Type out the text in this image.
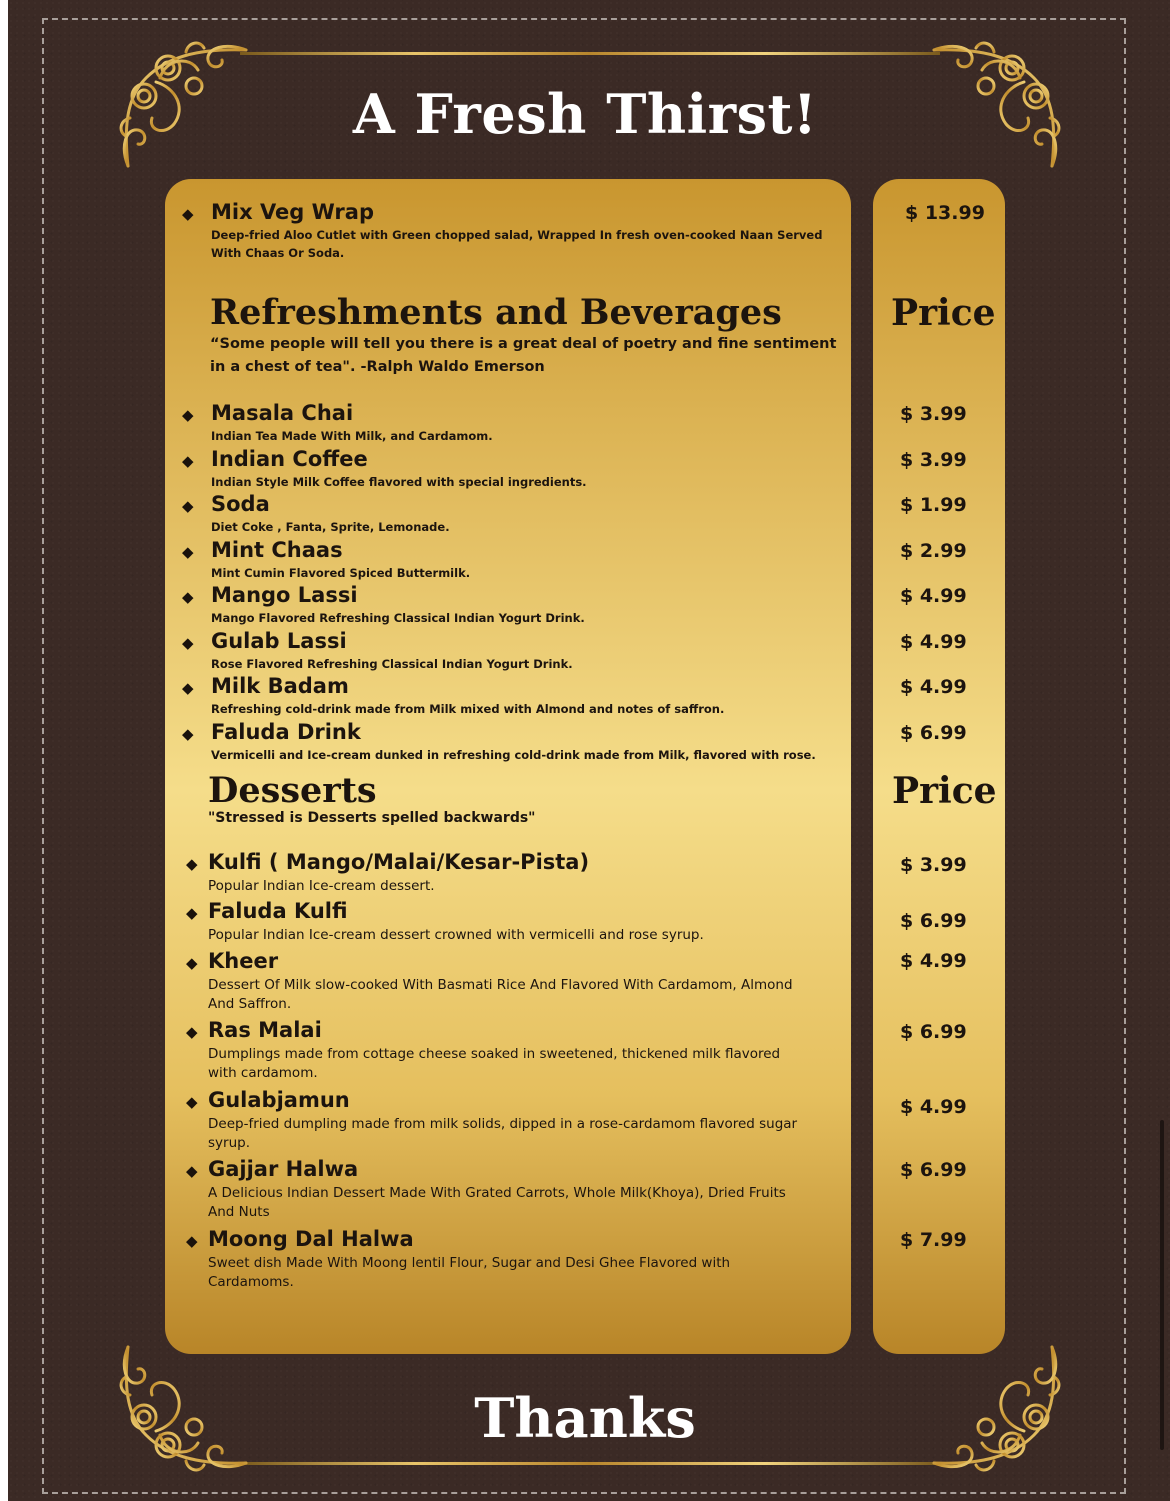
A Fresh Thirst!
◆ Mix Veg Wrap
Deep-fried Aloo Cutlet with Green chopped salad, Wrapped In fresh oven-cooked Naan Served With Chaas Or Soda.
$ 13.99
Refreshments and Beverages	Price
“Some people will tell you there is a great deal of poetry and fine sentiment in a chest of tea". -Ralph Waldo Emerson
◆ Masala Chai
Indian Tea Made With Milk, and Cardamom.
$ 3.99
◆ Indian Coffee
Indian Style Milk Coffee flavored with special ingredients.
$ 3.99
◆ Soda
Diet Coke , Fanta, Sprite, Lemonade.
$ 1.99
◆ Mint Chaas
Mint Cumin Flavored Spiced Buttermilk.
$ 2.99
◆ Mango Lassi
Mango Flavored Refreshing Classical Indian Yogurt Drink.
$ 4.99
◆ Gulab Lassi
Rose Flavored Refreshing Classical Indian Yogurt Drink.
$ 4.99
◆ Milk Badam
Refreshing cold-drink made from Milk mixed with Almond and notes of saffron.
$ 4.99
◆ Faluda Drink
Vermicelli and Ice-cream dunked in refreshing cold-drink made from Milk, flavored with rose.
$ 6.99
Desserts	Price
"Stressed is Desserts spelled backwards"
◆ Kulfi ( Mango/Malai/Kesar-Pista)
Popular Indian Ice-cream dessert.
$ 3.99
◆ Faluda Kulfi
Popular Indian Ice-cream dessert crowned with vermicelli and rose syrup.
$ 6.99
◆ Kheer
Dessert Of Milk slow-cooked With Basmati Rice And Flavored With Cardamom, Almond And Saffron.
$ 4.99
◆ Ras Malai
Dumplings made from cottage cheese soaked in sweetened, thickened milk flavored with cardamom.
$ 6.99
◆ Gulabjamun
Deep-fried dumpling made from milk solids, dipped in a rose-cardamom flavored sugar syrup.
$ 4.99
◆ Gajjar Halwa
A Delicious Indian Dessert Made With Grated Carrots, Whole Milk(Khoya), Dried Fruits And Nuts
$ 6.99
◆ Moong Dal Halwa
Sweet dish Made With Moong lentil Flour, Sugar and Desi Ghee Flavored with Cardamoms.
$ 7.99
Thanks
